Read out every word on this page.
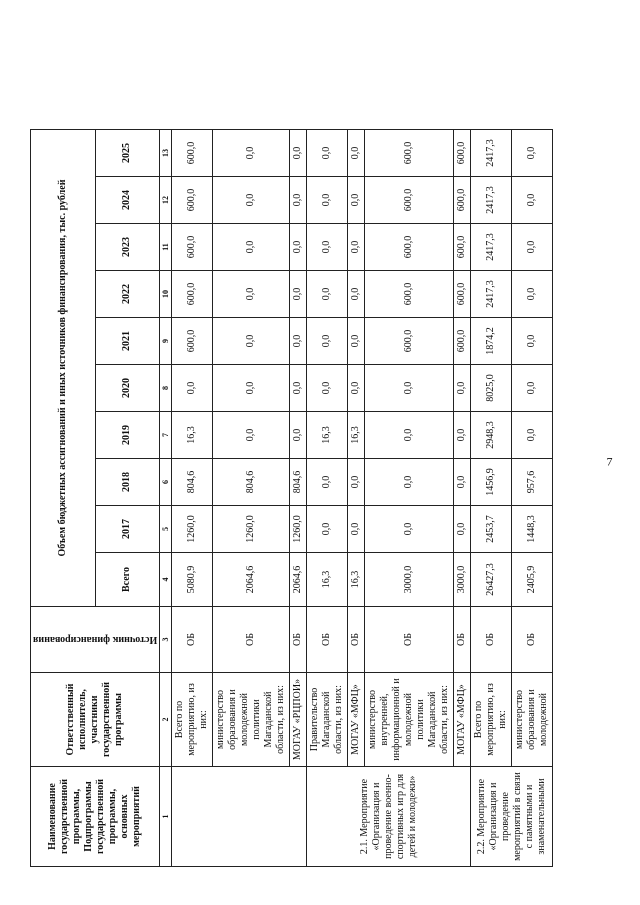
7
Наименование государственной программы, Подпрограммы государственной программы, основных мероприятий	Ответственный исполнитель, участники государственной программы	Источник финансирования	Объем бюджетных ассигнований и иных источников финансирования, тыс. рублей									
			Всего	2017	2018	2019	2020	2021	2022	2023	2024	2025
1	2	3	4	5	6	7	8	9	10	11	12	13
	Всего по мероприятию, из них:	ОБ	5080,9	1260,0	804,6	16,3	0,0	600,0	600,0	600,0	600,0	600,0
	министерство образования и молодежной политики Магаданской области, из них:	ОБ	2064,6	1260,0	804,6	0,0	0,0	0,0	0,0	0,0	0,0	0,0
	МОГАУ «РЦПОИ»	ОБ	2064,6	1260,0	804,6	0,0	0,0	0,0	0,0	0,0	0,0	0,0
2.1. Мероприятие «Организация и проведение военно-спортивных игр для детей и молодежи»	Правительство Магаданской области, из них:	ОБ	16,3	0,0	0,0	16,3	0,0	0,0	0,0	0,0	0,0	0,0
	МОГАУ «МФЦ»	ОБ	16,3	0,0	0,0	16,3	0,0	0,0	0,0	0,0	0,0	0,0
	министерство внутренней, информационной и молодежной политики Магаданской области, из них:	ОБ	3000,0	0,0	0,0	0,0	0,0	600,0	600,0	600,0	600,0	600,0
	МОГАУ «МФЦ»	ОБ	3000,0	0,0	0,0	0,0	0,0	600,0	600,0	600,0	600,0	600,0
2.2. Мероприятие «Организация и проведение мероприятий в связи с памятными и знаменательными	Всего по мероприятию, из них:	ОБ	26427,3	2453,7	1456,9	2948,3	8025,0	1874,2	2417,3	2417,3	2417,3	2417,3
	министерство образования и молодежной	ОБ	2405,9	1448,3	957,6	0,0	0,0	0,0	0,0	0,0	0,0	0,0
